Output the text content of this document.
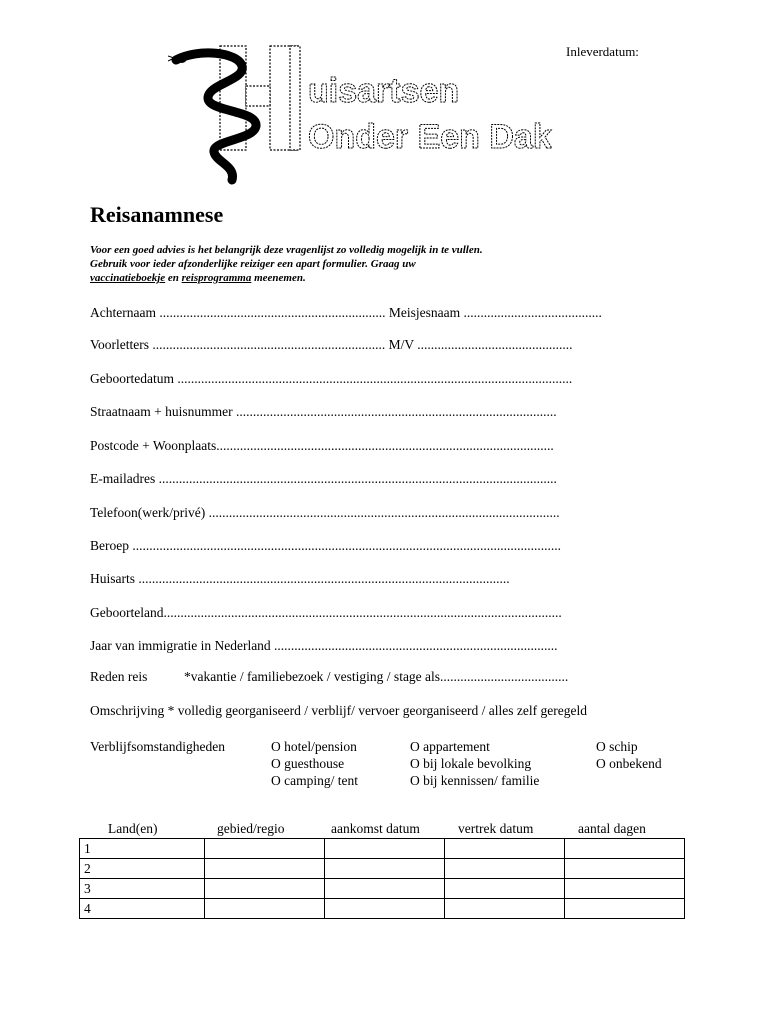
Inleverdatum:
uisartsen
Onder Een Dak
Reisanamnese
Voor een goed advies is het belangrijk deze vragenlijst zo volledig mogelijk in te vullen.
Gebruik voor ieder afzonderlijke reiziger een apart formulier. Graag uw
vaccinatieboekje en reisprogramma meenemen.
Achternaam ................................................................... Meisjesnaam .........................................
Voorletters ..................................................................... M/V ..............................................
Geboortedatum .....................................................................................................................
Straatnaam + huisnummer ...............................................................................................
Postcode + Woonplaats....................................................................................................
E-mailadres ......................................................................................................................
Telefoon(werk/privé) ........................................................................................................
Beroep ...............................................................................................................................
Huisarts ..............................................................................................................
Geboorteland......................................................................................................................
Jaar van immigratie in Nederland ....................................................................................
Reden reis	*vakantie / familiebezoek / vestiging / stage als......................................
Omschrijving * volledig georganiseerd / verblijf/ vervoer georganiseerd / alles zelf geregeld
Verblijfsomstandigheden	O hotel/pension
O guesthouse
O camping/ tent
O appartement
O bij lokale bevolking
O bij kennissen/ familie
O schip
O onbekend
Land(en)	gebied/regio	aankomst datum	vertrek datum	aantal dagen
1				
2				
3				
4				
